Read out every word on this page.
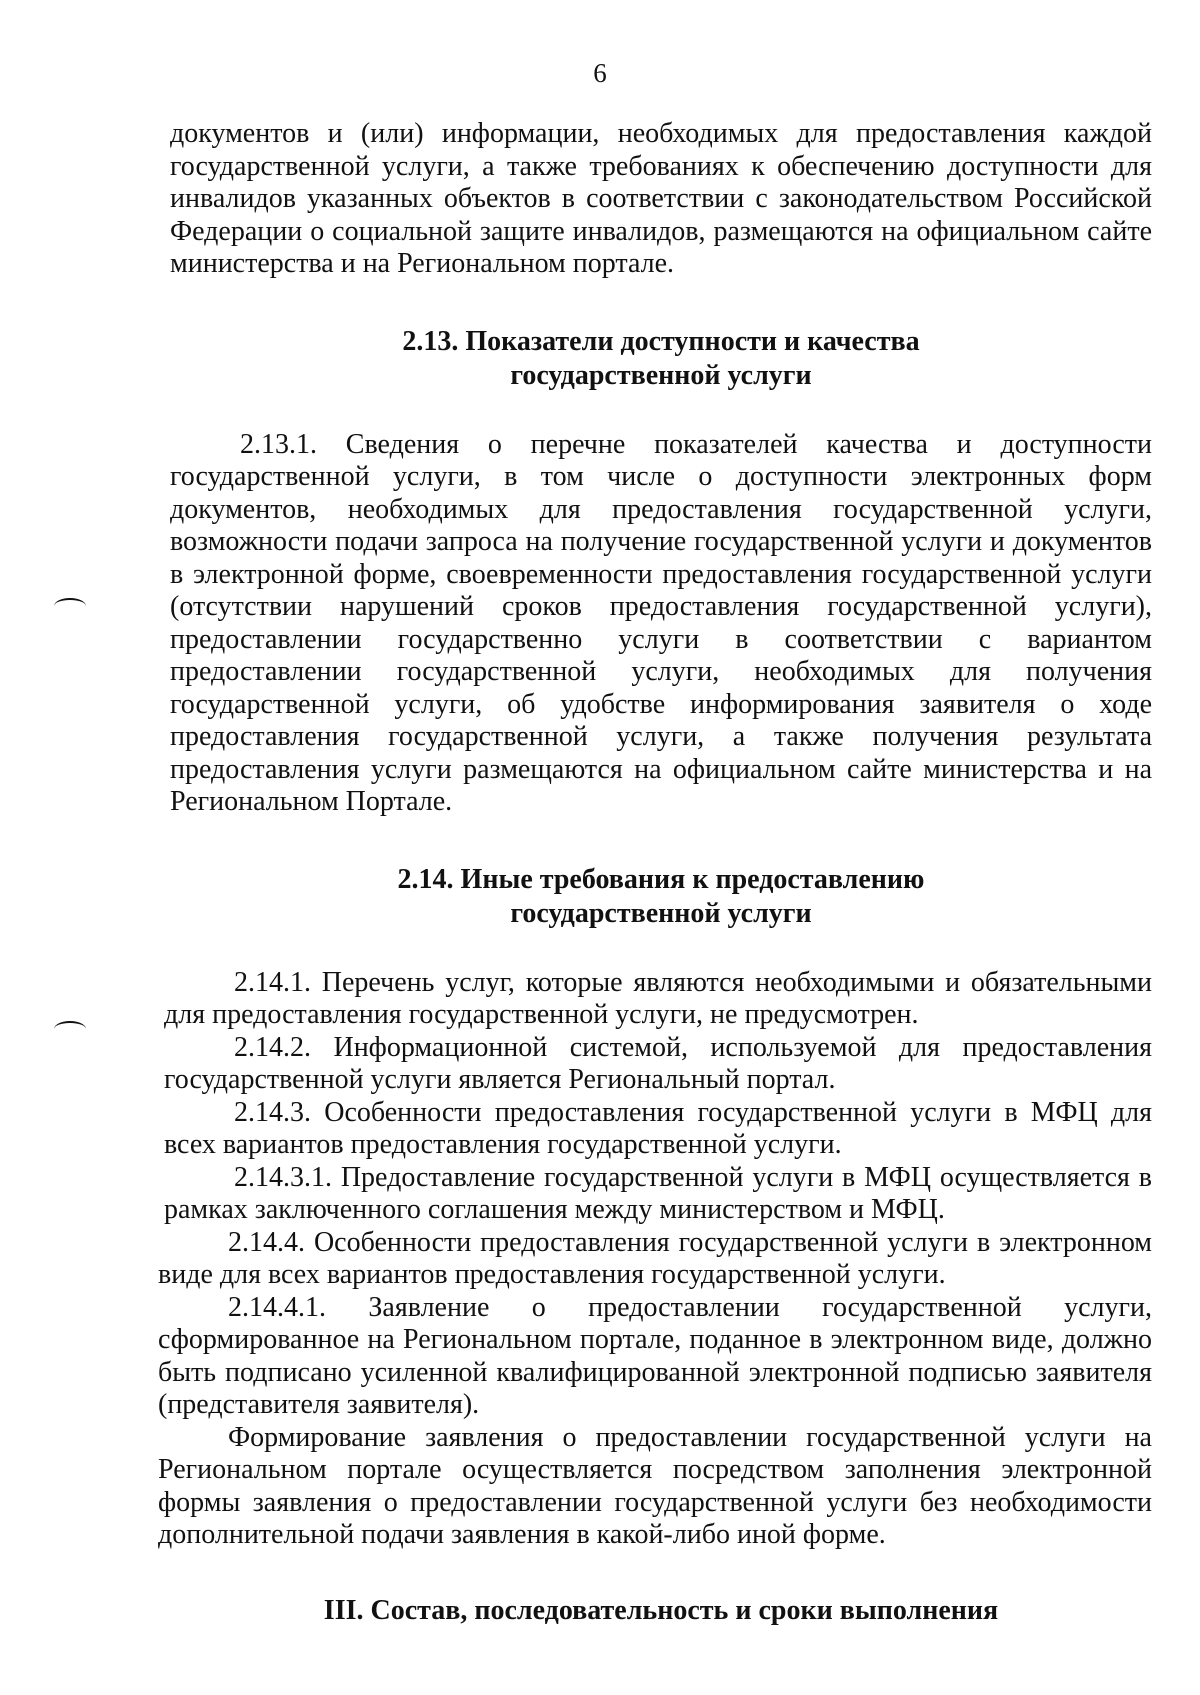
6

документов и (или) информации, необходимых для предоставления каждой государственной услуги, а также требованиях к обеспечению доступности для инвалидов указанных объектов в соответствии с законодательством Российской Федерации о социальной защите инвалидов, размещаются на официальном сайте министерства и на Региональном портале.

2.13. Показатели доступности и качества
государственной услуги

2.13.1. Сведения о перечне показателей качества и доступности государственной услуги, в том числе о доступности электронных форм документов, необходимых для предоставления государственной услуги, возможности подачи запроса на получение государственной услуги и документов в электронной форме, своевременности предоставления государственной услуги (отсутствии нарушений сроков предоставления государственной услуги), предоставлении государственно услуги в соответствии с вариантом предоставлении государственной услуги, необходимых для получения государственной услуги, об удобстве информирования заявителя о ходе предоставления государственной услуги, а также получения результата предоставления услуги размещаются на официальном сайте министерства и на Региональном Портале.

2.14. Иные требования к предоставлению
государственной услуги

2.14.1. Перечень услуг, которые являются необходимыми и обязательными для предоставления государственной услуги, не предусмотрен.

2.14.2. Информационной системой, используемой для предоставления государственной услуги является Региональный портал.

2.14.3. Особенности предоставления государственной услуги в МФЦ для всех вариантов предоставления государственной услуги.

2.14.3.1. Предоставление государственной услуги в МФЦ осуществляется в рамках заключенного соглашения между министерством и МФЦ.

2.14.4. Особенности предоставления государственной услуги в электронном виде для всех вариантов предоставления государственной услуги.

2.14.4.1. Заявление о предоставлении государственной услуги, сформированное на Региональном портале, поданное в электронном виде, должно быть подписано усиленной квалифицированной электронной подписью заявителя (представителя заявителя).

Формирование заявления о предоставлении государственной услуги на Региональном портале осуществляется посредством заполнения электронной формы заявления о предоставлении государственной услуги без необходимости дополнительной подачи заявления в какой-либо иной форме.

III. Состав, последовательность и сроки выполнения
